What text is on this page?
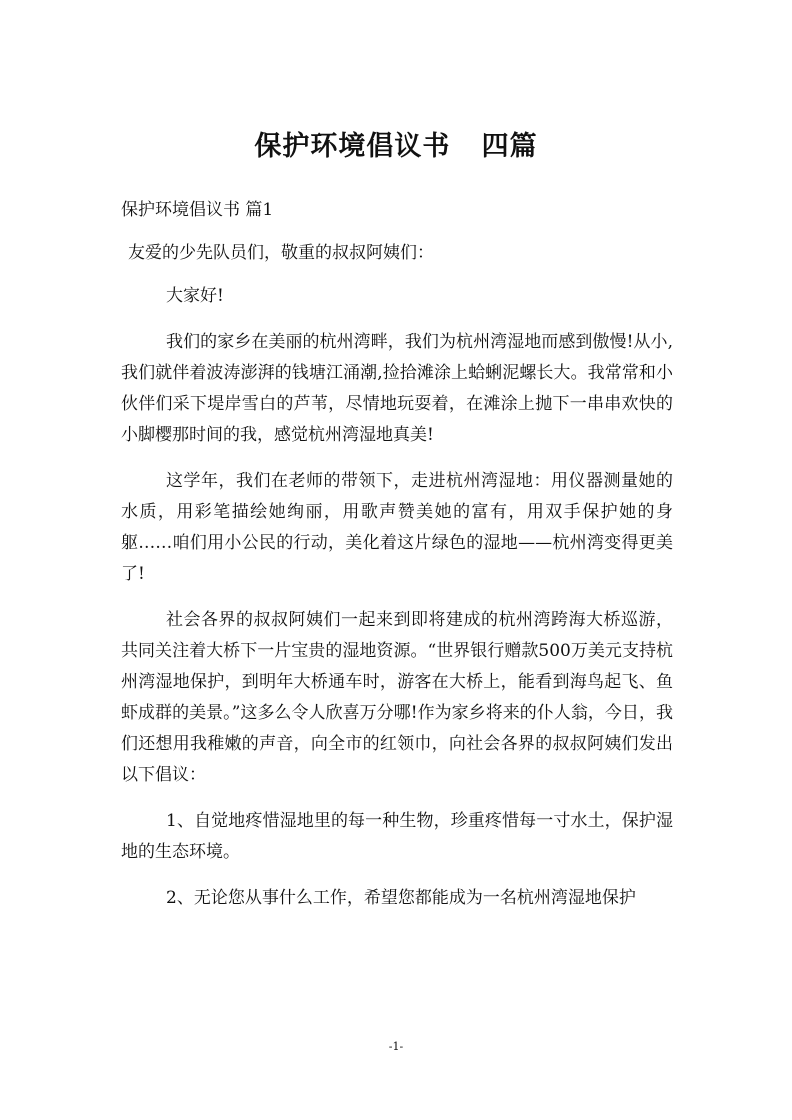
保护环境倡议书   四篇
保护环境倡议书 篇1
友爱的少先队员们，敬重的叔叔阿姨们：

大家好!

我们的家乡在美丽的杭州湾畔，我们为杭州湾湿地而感到傲慢!从小,我们就伴着波涛澎湃的钱塘江涌潮,捡拾滩涂上蛤蜊泥螺长大。我常常和小伙伴们采下堤岸雪白的芦苇，尽情地玩耍着，在滩涂上抛下一串串欢快的小脚樱那时间的我，感觉杭州湾湿地真美!

这学年，我们在老师的带领下，走进杭州湾湿地：用仪器测量她的水质，用彩笔描绘她绚丽，用歌声赞美她的富有，用双手保护她的身躯……咱们用小公民的行动，美化着这片绿色的湿地——杭州湾变得更美了!

社会各界的叔叔阿姨们一起来到即将建成的杭州湾跨海大桥巡游，共同关注着大桥下一片宝贵的湿地资源。“世界银行赠款500万美元支持杭州湾湿地保护，到明年大桥通车时，游客在大桥上，能看到海鸟起飞、鱼虾成群的美景。”这多么令人欣喜万分哪!作为家乡将来的仆人翁，今日，我们还想用我稚嫩的声音，向全市的红领巾，向社会各界的叔叔阿姨们发出以下倡议：

1、自觉地疼惜湿地里的每一种生物，珍重疼惜每一寸水土，保护湿地的生态环境。

2、无论您从事什么工作，希望您都能成为一名杭州湾湿地保护

-1-
